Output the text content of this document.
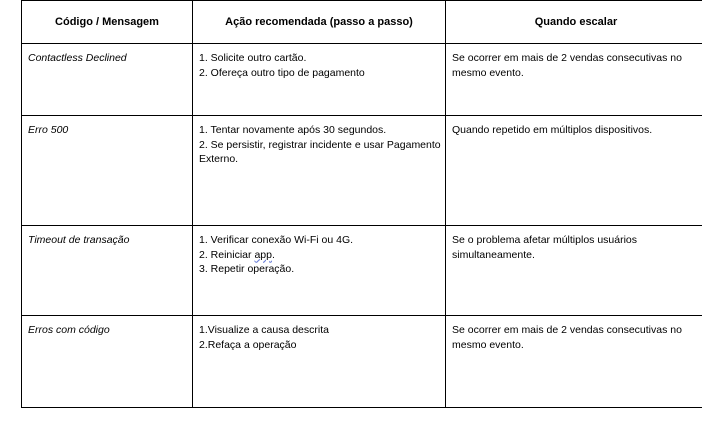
Código / Mensagem	Ação recomendada (passo a passo)	Quando escalar

Contactless Declined	1. Solicite outro cartão.
2. Ofereça outro tipo de pagamento	Se ocorrer em mais de 2 vendas consecutivas no
mesmo evento.

Erro 500	1. Tentar novamente após 30 segundos.
2. Se persistir, registrar incidente e usar Pagamento
Externo.	Quando repetido em múltiplos dispositivos.

Timeout de transação	1. Verificar conexão Wi-Fi ou 4G.
2. Reiniciar app.
3. Repetir operação.	Se o problema afetar múltiplos usuários
simultaneamente.

Erros com código	1.Visualize a causa descrita
2.Refaça a operação	Se ocorrer em mais de 2 vendas consecutivas no
mesmo evento.
